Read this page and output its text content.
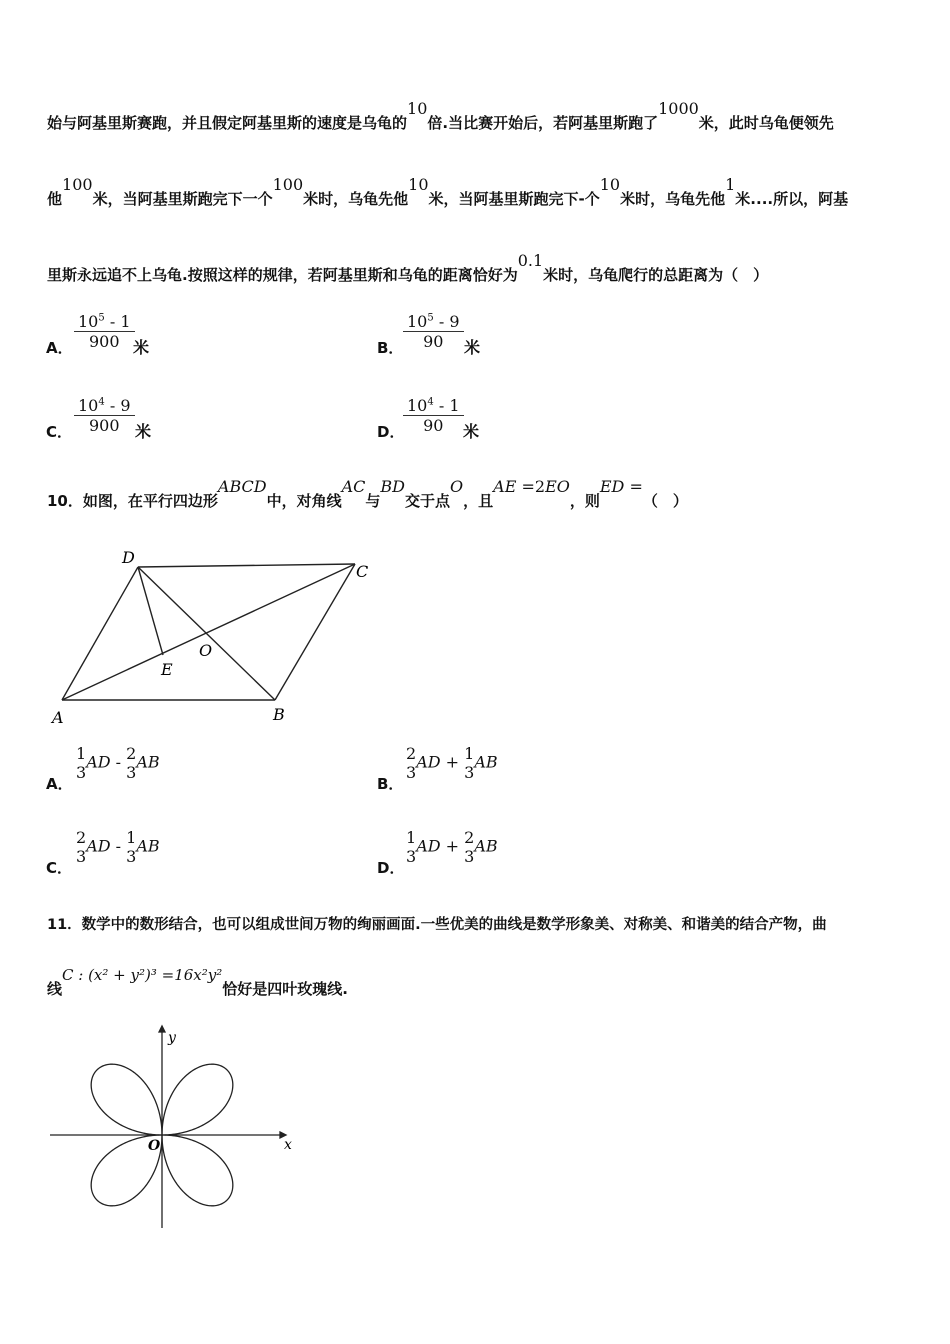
始与阿基里斯赛跑，并且假定阿基里斯的速度是乌龟的10倍.当比赛开始后，若阿基里斯跑了1000米，此时乌龟便领先
他100米，当阿基里斯跑完下一个100米时，乌龟先他10米，当阿基里斯跑完下-个10米时，乌龟先他1米....所以，阿基
里斯永远追不上乌龟.按照这样的规律，若阿基里斯和乌龟的距离恰好为0.1米时，乌龟爬行的总距离为（　）
A． $\frac{10^5 - 1}{900}$
米	B． $\frac{10^5 - 9}{90}$ 米
C． $\frac{10^4 - 9}{900}$ 米	D．
$\frac{10^4 - 1}{90}$ 米
10．如图，在平行四边形ABCD中，对角线AC与BD交于点O，且AE =2EO，则ED =（　）
D
C
A	B
E
O
A．
1
3
AD - 2
3
AB
B．
2
3
AD + 1
3
AB
C．
2
3
AD - 1
3
AB
D．
1
3
AD + 2
3
AB
11．数学中的数形结合，也可以组成世间万物的绚丽画面.一些优美的曲线是数学形象美、对称美、和谐美的结合产物，曲
线C : (x² + y²)³ =16x²y²恰好是四叶玫瑰线.
x
y
O
